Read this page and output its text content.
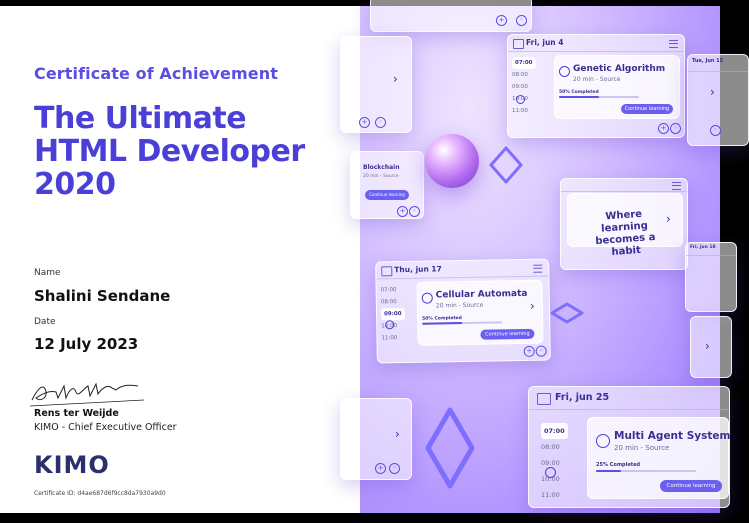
Certificate of Achievement
The Ultimate HTML Developer 2020
Name
Shalini Sendane
Date
12 July 2023
Rens ter Weijde
KIMO - Chief Executive Officer
KIMO
Certificate ID: d4ae687d6f9cc8da7930a9d0
+	◦
›
+	◦
Fri, jun 4
07:00
08:00
09:00
10:00
11:00
Genetic Algorithm
20 min - Source
50% Completed
Continue learning
+ ◦
Tue, Jun 15
›
◦
Blockchain
20 min - Source
Continue learning
+ ◦	Where learning becomes a habit
›
Fri, jun 18
Thu, jun 17
07:00
08:00
09:00
10:00
11:00
Cellular Automata
20 min - Source
50% Completed
Continue learning
›
+ ◦	›
›
+	◦
Fri, jun 25
07:00
08:00
09:00
10:00
11:00
Multi Agent System
20 min - Source
25% Completed
Continue learning
